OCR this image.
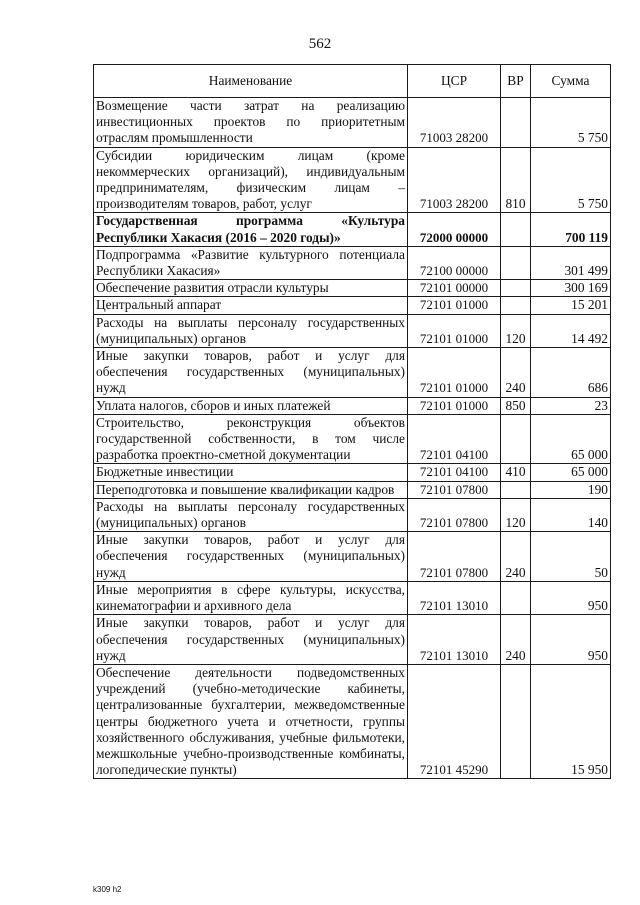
562
Наименование	ЦСР	ВР	Сумма
Возмещение части затрат на реализацию инвестиционных проектов по приоритетным отраслям промышленности	71003 28200		5 750
Субсидии юридическим лицам (кроме некоммерческих организаций), индивидуальным предпринимателям, физическим лицам – производителям товаров, работ, услуг	71003 28200	810	5 750
Государственная программа «Культура Республики Хакасия (2016 – 2020 годы)»	72000 00000		700 119
Подпрограмма «Развитие культурного потенциала Республики Хакасия»	72100 00000		301 499
Обеспечение развития отрасли культуры	72101 00000		300 169
Центральный аппарат	72101 01000		15 201
Расходы на выплаты персоналу государственных (муниципальных) органов	72101 01000	120	14 492
Иные закупки товаров, работ и услуг для обеспечения государственных (муниципальных) нужд	72101 01000	240	686
Уплата налогов, сборов и иных платежей	72101 01000	850	23
Строительство, реконструкция объектов государственной собственности, в том числе разработка проектно-сметной документации	72101 04100		65 000
Бюджетные инвестиции	72101 04100	410	65 000
Переподготовка и повышение квалификации кадров	72101 07800		190
Расходы на выплаты персоналу государственных (муниципальных) органов	72101 07800	120	140
Иные закупки товаров, работ и услуг для обеспечения государственных (муниципальных) нужд	72101 07800	240	50
Иные мероприятия в сфере культуры, искусства, кинематографии и архивного дела	72101 13010		950
Иные закупки товаров, работ и услуг для обеспечения государственных (муниципальных) нужд	72101 13010	240	950
Обеспечение деятельности подведомственных учреждений (учебно-методические кабинеты, централизованные бухгалтерии, межведомственные центры бюджетного учета и отчетности, группы хозяйственного обслуживания, учебные фильмотеки, межшкольные учебно-производственные комбинаты, логопедические пункты)	72101 45290		15 950
k309 h2
